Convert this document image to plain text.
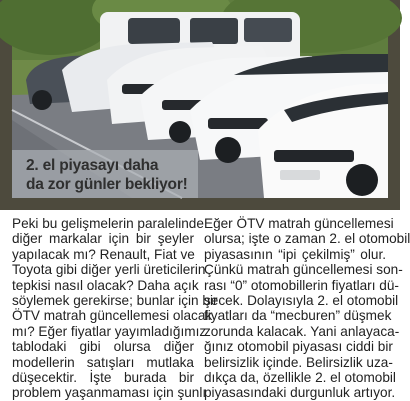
2. el piyasayı daha
da zor günler bekliyor!
Peki bu gelişmelerin paralelinde
diğer markalar için bir şeyler
yapılacak mı? Renault, Fiat ve
Toyota gibi diğer yerli üreticilerin
tepkisi nasıl olacak? Daha açık
söylemek gerekirse; bunlar için bir
ÖTV matrah güncellemesi olacak
mı? Eğer fiyatlar yayımladığımız
tablodaki gibi olursa diğer
modellerin satışları mutlaka
düşecektir. İşte burada bir
problem yaşanmaması için şunlı
Eğer ÖTV matrah güncellemesi
olursa; işte o zaman 2. el otomobil
piyasasının “ipi çekilmiş” olur.
Çünkü matrah güncellemesi son-
rası “0” otomobillerin fiyatları dü-
şecek. Dolayısıyla 2. el otomobil
fiyatları da “mecburen” düşmek
zorunda kalacak. Yani anlayaca-
ğınız otomobil piyasası ciddi bir
belirsizlik içinde. Belirsizlik uza-
dıkça da, özellikle 2. el otomobil
piyasasındaki durgunluk artıyor.
